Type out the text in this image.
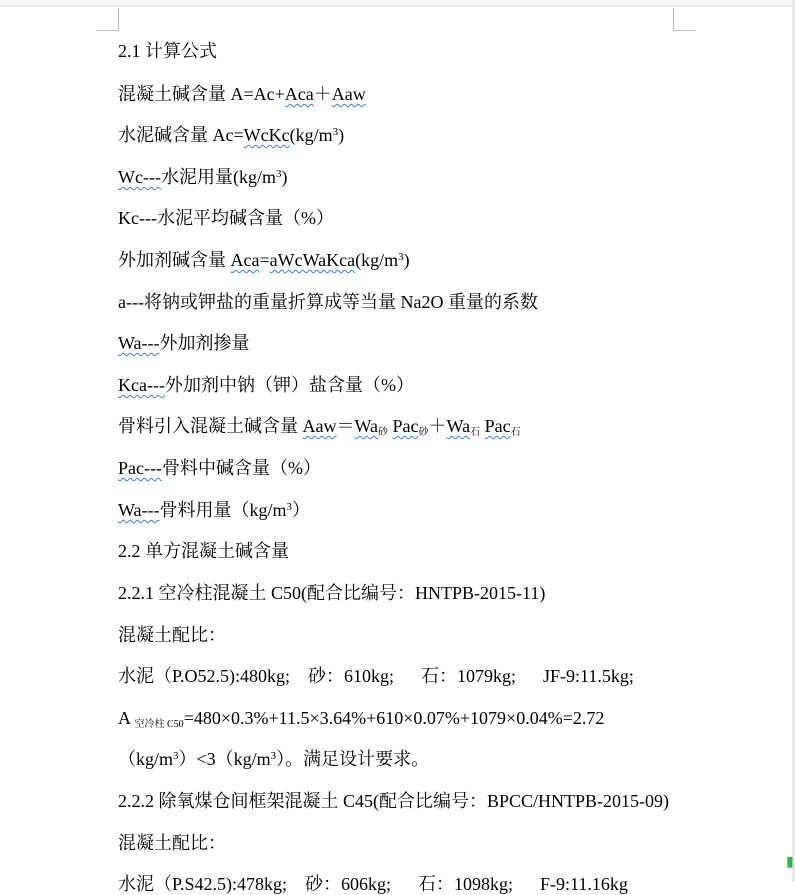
2.1 计算公式
混凝土碱含量 A=Ac+Aca＋Aaw
水泥碱含量 $Ac=WcKc(kg/m^3)$
Wc---水泥用量$(kg/m^3)$
Kc---水泥平均碱含量（%）
外加剂碱含量 $Aca=aWcWaKca(kg/m^3)$
a---将钠或钾盐的重量折算成等当量 Na2O 重量的系数
Wa---外加剂掺量
Kca---外加剂中钠（钾）盐含量（%）
骨料引入混凝土碱含量 $Aaw=Wa_砂$ $Pac_砂+Wa_石$ Pac$_石$
Pac---骨料中碱含量（%）
Wa---骨料用量$(kg/m^3)$
2.2 单方混凝土碱含量
2.2.1 空冷柱混凝土 C50(配合比编号：HNTPB-2015-11)
混凝土配比：
水泥（P.O52.5):480kg;    砂：610kg;      石：1079kg;      JF-9:11.5kg;
A $_{空冷柱 C50}$=480×0.3%+11.5×3.64%+610×0.07%+1079×0.04%=2.72
$(kg/m^3)<3(kg/m^3)$。满足设计要求。
2.2.2 除氧煤仓间框架混凝土 C45(配合比编号：BPCC/HNTPB-2015-09)
混凝土配比：
水泥（P.S42.5):478kg;    砂：606kg;      石：1098kg;      F-9:11.16kg
▮
